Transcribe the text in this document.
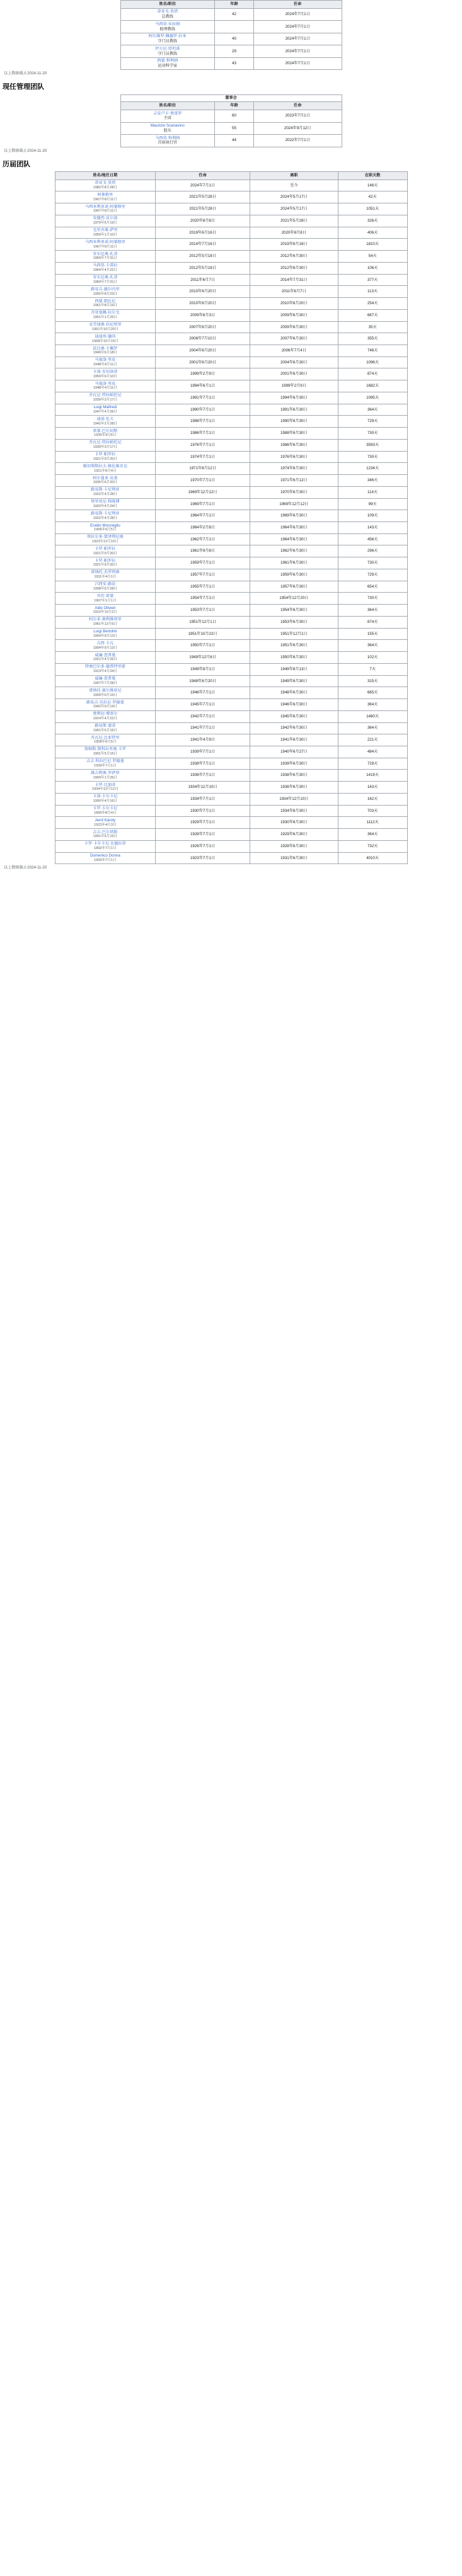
姓名/职位	年龄	任命

蒂亚戈·莫塔
总教练	42	2024年7月1日

马西莫·布拉姆
助理教练		2024年7月1日

阿尔维罗·佩德罗·拉米
守门员教练	40	2024年7月1日

伊万尼·塔坦诺
守门员教练	29	2024年7月1日

西蒙·科利纳
运动科学家	43	2024年7月1日
以上数据截止2024-11-20
现任管理团队
董事会		
姓名/职位	年龄	任命

吉安卢卡·费雷罗
主席	60	2023年7月1日

Maurizio Scanavino
股东	55	2024年9月12日

马西莫·科利纳
首席执行官	44	2022年7月1日
以上数据截止2024-11-20
历届团队
姓名/地任日期	任命	离职	在职天数

蒂亚戈·莫塔
1982年8月28日	2024年7月1日	至今	146天

阿莱格里
1967年8月11日	2021年5月28日	2024年5月17日	42天

马西米利亚诺·阿莱格里
1967年8月11日	2021年5月28日	2024年5月17日	1051天

安德烈·皮尔洛
1979年5月19日	2020年8月8日	2021年5月28日	326天

毛里齐奥·萨里
1959年1月10日	2019年6月16日	2020年8月8日	406天

马西米利亚诺·阿莱格里
1967年8月11日	2014年7月16日	2019年6月16日	1810天

安东尼奥·孔蒂
1969年7月31日	2012年5月18日	2012年6月30日	54天

马西莫·卡雷拉
1964年4月22日	2012年5月18日	2012年6月30日	106天

安东尼奥·孔蒂
1969年7月31日	2011年6月7日	2014年7月31日	377天

路易吉·德尔内里
1950年8月23日	2010年6月20日	2011年6月7日	113天

西蒙·朗比尼
1961年8月19日	2010年6月20日	2010年6月20日	254天

齐亚塞佩·拉尔戈
1951年1月25日	2009年6月3日	2009年6月30日	667天

克劳迪奥·拉尼埃里
1951年10月20日	2007年6月20日	2009年6月30日	35天

迪迪埃·德尚
1968年10月15日	2006年7月10日	2007年6月30日	355天

法比奥·卡佩罗
1946年6月18日	2004年6月20日	2006年7月4日	746天

马塞洛·里皮
1948年4月11日	2001年6月20日	2004年6月30日	1096天

卡洛·安切洛蒂
1959年6月10日	1999年2月9日	2001年6月30日	874天

马塞洛·里皮
1948年4月11日	1994年6月1日	1999年2月9日	1682天

乔瓦尼·特拉帕托尼
1939年3月17日	1991年7月1日	1994年6月30日	1095天

Luigi Maifredi
1947年4月26日	1990年7月1日	1991年6月30日	364天

迪诺·佐夫
1942年2月28日	1988年7月1日	1990年6月30日	729天

雷蒙·巴尔切斯
1935年9月6日	1986年7月1日	1988年6月30日	730天

乔瓦尼·特拉帕托尼
1939年3月17日	1976年7月1日	1986年6月30日	3593天

卡罗·帕罗拉
1921年9月20日	1974年7月1日	1976年6月30日	730天

雅切利斯拉夫·维佐维奇克
1921年6月4日	1971年6月12日	1974年6月30日	1234天

阿尔曼多·皮基
1935年6月20日	1970年7月1日	1971年6月12日	346天

路易斯·卡尼利亚
1922年4月28日	1969年12月12日	1970年6月30日	114天

埃里亚尼·科隆博
1920年4月24日	1969年7月1日	1969年12月12日	99天

路易斯·卡尼利亚
1922年4月28日	1964年7月1日	1969年6月30日	109天

Eraldo Monzeglio
1906年6月5日	1964年2月8日	1964年6月30日	143天

埃拉尔多·蒙泽利尼奥
1923年12月10日	1962年7月1日	1964年6月30日	456天

卡罗·帕罗拉
1921年9月20日	1961年9月8日	1962年6月30日	296天

卡罗·帕罗拉
1921年9月20日	1959年7月1日	1961年6月30日	730天

雷纳托·杰罗西奥
1911年4月1日	1957年7月1日	1959年6月30日	729天

吕西安·路法
1908年6月28日	1955年7月1日	1957年6月30日	654天

乔治·雷蒙
1907年1月1日	1954年7月1日	1954年12月20日	730天

Aldo Olivieri
1910年10月2日	1953年7月1日	1954年6月30日	364天

阿尔多·奥利维埃里
1961年12月6日	1951年12月1日	1953年6月30日	874天

Luigi Bertolini
1904年9月13日	1951年10月22日	1951年12月1日	155天

吉西·卡瓦
1904年9月13日	1950年7月1日	1951年6月30日	364天

威廉·查普曼
1921年4月26日	1949年12月6日	1950年6月30日	102天

特奥巴尔多·德普特里耶
1913年4月24日	1949年8月1日	1949年8月13日	7天

威廉·查普曼
1907年7月28日	1948年6月20日	1949年6月30日	315天

雷纳托·赛尔维亚尼
1909年6月15日	1946年7月1日	1948年6月30日	665天

路易吉·贝拉尼·罗德曼
1942年9月14日	1945年7月1日	1946年6月30日	364天

费利切·博雷尔
1914年4月22日	1942年7月1日	1945年6月30日	1460天

路易斯·蒙蒂
1901年5月15日	1941年7月1日	1942年6月30日	364天

乔瓦尼·比亚特里
1908年6月5日	1941年4月9日	1941年6月30日	221天

詹姆斯·斯科拉里奥·卡罗
1901年5月15日	1939年7月1日	1940年6月27日	484天

吉吉·科拉巴尼·罗德曼
1939年7月1日	1938年7月1日	1939年6月30日	729天

维吉利奥·罗萨塔
1900年1月26日	1936年7月1日	1938年6月30日	1419天

卡罗·比加蒂
1934年12月12日	1934年12月10日	1936年6月30日	163天

卡洛·卡尔卡尼
1900年4月16日	1934年7月1日	1934年12月10日	162天

卡罗·卡尔卡尼
1890年8月4日	1930年7月1日	1934年6月30日	703天

Jenő Károly
1923年4月3日	1929年7月1日	1930年6月30日	1112天

吉吉·巴尔塔斯
1901年5月15日	1928年7月1日	1929年6月30日	364天

卡罗·卡尔卡尼·比德拉蒂
1892年7月1日	1926年7月1日	1928年6月30日	732天

Domenico Donna
1900年7月1日	1923年7月1日	1931年6月30日	4010天
以上数据截止2024-11-20
